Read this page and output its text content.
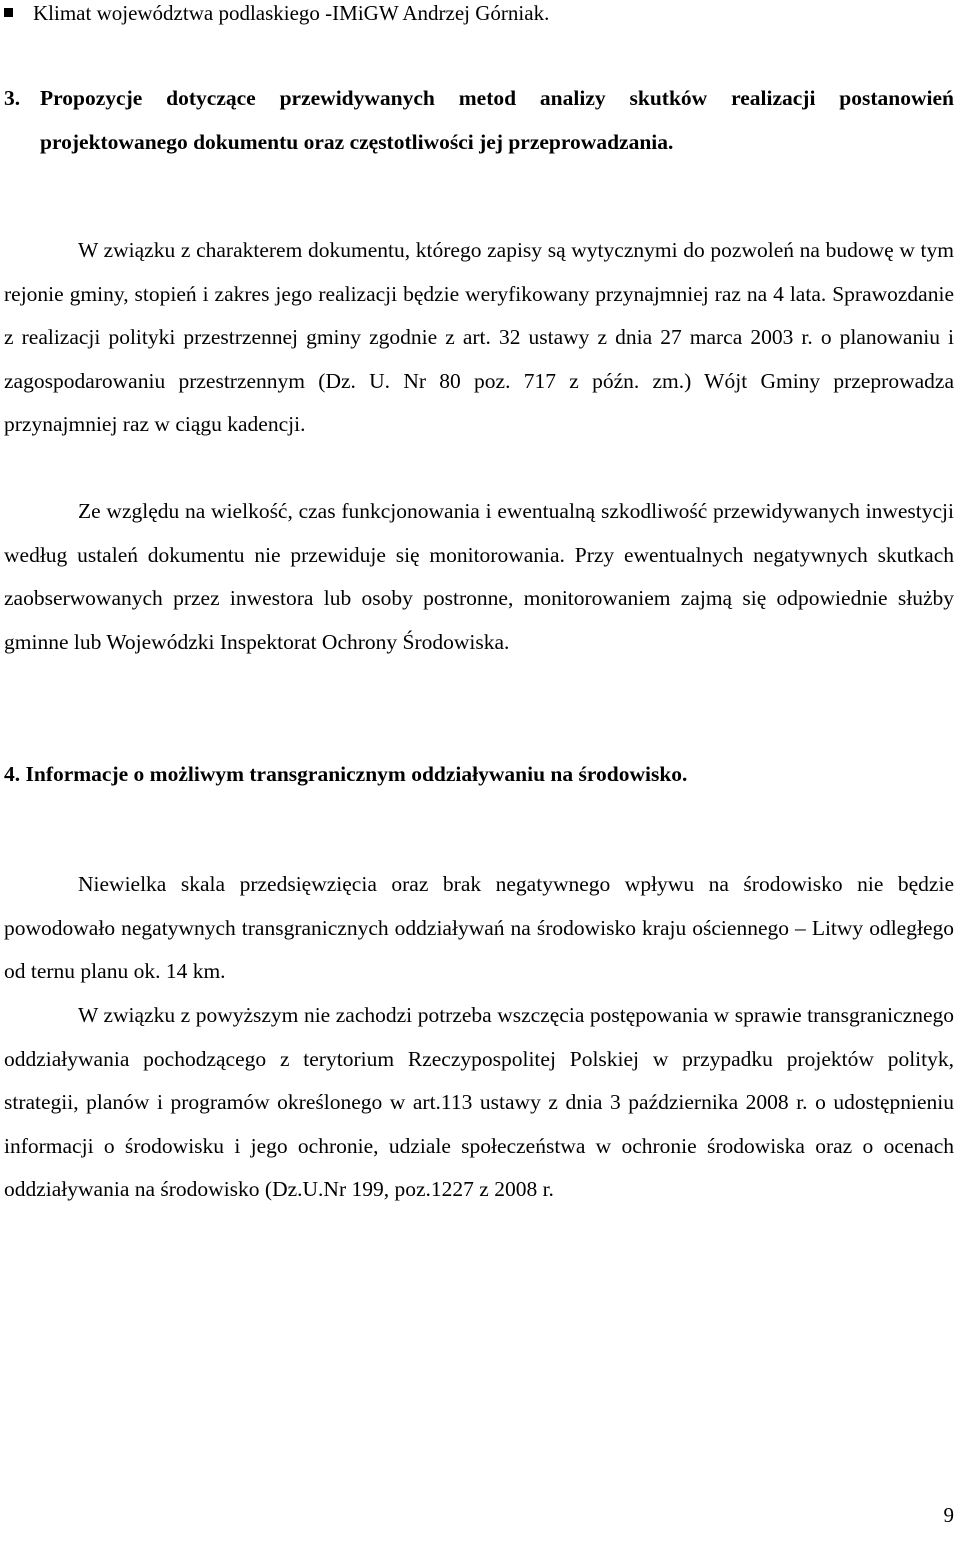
Klimat województwa podlaskiego -IMiGW Andrzej Górniak.
3. Propozycje dotyczące przewidywanych metod analizy skutków realizacji postanowień projektowanego dokumentu oraz częstotliwości jej przeprowadzania.

W związku z charakterem dokumentu, którego zapisy są wytycznymi do pozwoleń na budowę w tym rejonie gminy, stopień i zakres jego realizacji będzie weryfikowany przynajmniej raz na 4 lata. Sprawozdanie z realizacji polityki przestrzennej gminy zgodnie z art. 32 ustawy z dnia 27 marca 2003 r. o planowaniu i zagospodarowaniu przestrzennym (Dz. U. Nr 80 poz. 717 z późn. zm.) Wójt Gminy przeprowadza przynajmniej raz w ciągu kadencji.

Ze względu na wielkość, czas funkcjonowania i ewentualną szkodliwość przewidywanych inwestycji według ustaleń dokumentu nie przewiduje się monitorowania. Przy ewentualnych negatywnych skutkach zaobserwowanych przez inwestora lub osoby postronne, monitorowaniem zajmą się odpowiednie służby gminne lub Wojewódzki Inspektorat Ochrony Środowiska.

4. Informacje o możliwym transgranicznym oddziaływaniu na środowisko.

Niewielka skala przedsięwzięcia oraz brak negatywnego wpływu na środowisko nie będzie powodowało negatywnych transgranicznych oddziaływań na środowisko kraju ościennego – Litwy odległego od ternu planu ok. 14 km.

W związku z powyższym nie zachodzi potrzeba wszczęcia postępowania w sprawie transgranicznego oddziaływania pochodzącego z terytorium Rzeczypospolitej Polskiej w przypadku projektów polityk, strategii, planów i programów określonego w art.113 ustawy z dnia 3 października 2008 r. o udostępnieniu informacji o środowisku i jego ochronie, udziale społeczeństwa w ochronie środowiska oraz o ocenach oddziaływania na środowisko (Dz.U.Nr 199, poz.1227 z 2008 r.

9
